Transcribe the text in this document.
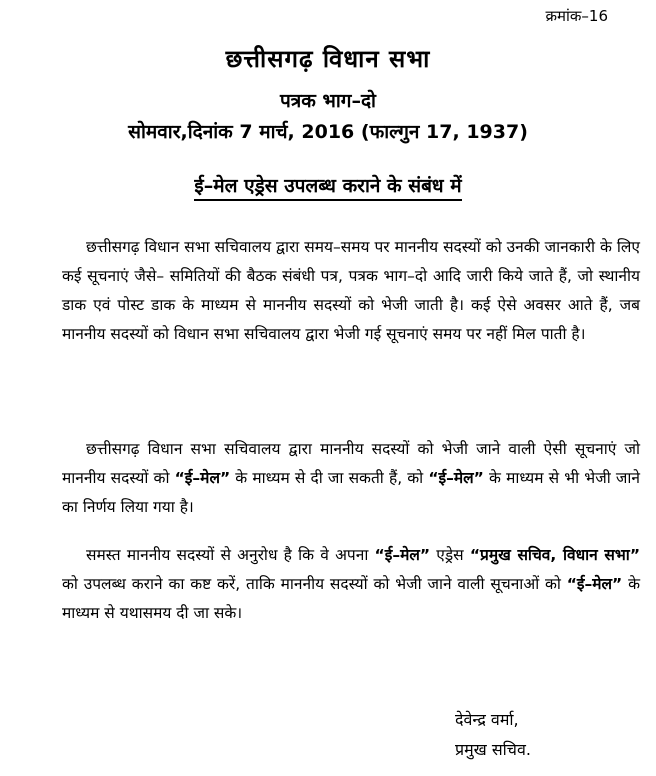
क्रमांक–16
छत्तीसगढ़ विधान सभा
पत्रक भाग–दो
सोमवार,दिनांक 7 मार्च, 2016 (फाल्गुन 17, 1937)
ई–मेल एड्रेस उपलब्ध कराने के संबंध में

छत्तीसगढ़ विधान सभा सचिवालय द्वारा समय–समय पर माननीय सदस्यों को उनकी जानकारी के लिए कई सूचनाएं जैसे– समितियों की बैठक संबंधी पत्र, पत्रक भाग–दो आदि जारी किये जाते हैं, जो स्थानीय डाक एवं पोस्ट डाक के माध्यम से माननीय सदस्यों को भेजी जाती है। कई ऐसे अवसर आते हैं, जब माननीय सदस्यों को विधान सभा सचिवालय द्वारा भेजी गई सूचनाएं समय पर नहीं मिल पाती है।

छत्तीसगढ़ विधान सभा सचिवालय द्वारा माननीय सदस्यों को भेजी जाने वाली ऐसी सूचनाएं जो माननीय सदस्यों को “ई–मेल” के माध्यम से दी जा सकती हैं, को “ई–मेल” के माध्यम से भी भेजी जाने का निर्णय लिया गया है।

समस्त माननीय सदस्यों से अनुरोध है कि वे अपना “ई–मेल” एड्रेस “प्रमुख सचिव, विधान सभा” को उपलब्ध कराने का कष्ट करें, ताकि माननीय सदस्यों को भेजी जाने वाली सूचनाओं को “ई–मेल” के माध्यम से यथासमय दी जा सके।

देवेन्द्र वर्मा,
प्रमुख सचिव.
